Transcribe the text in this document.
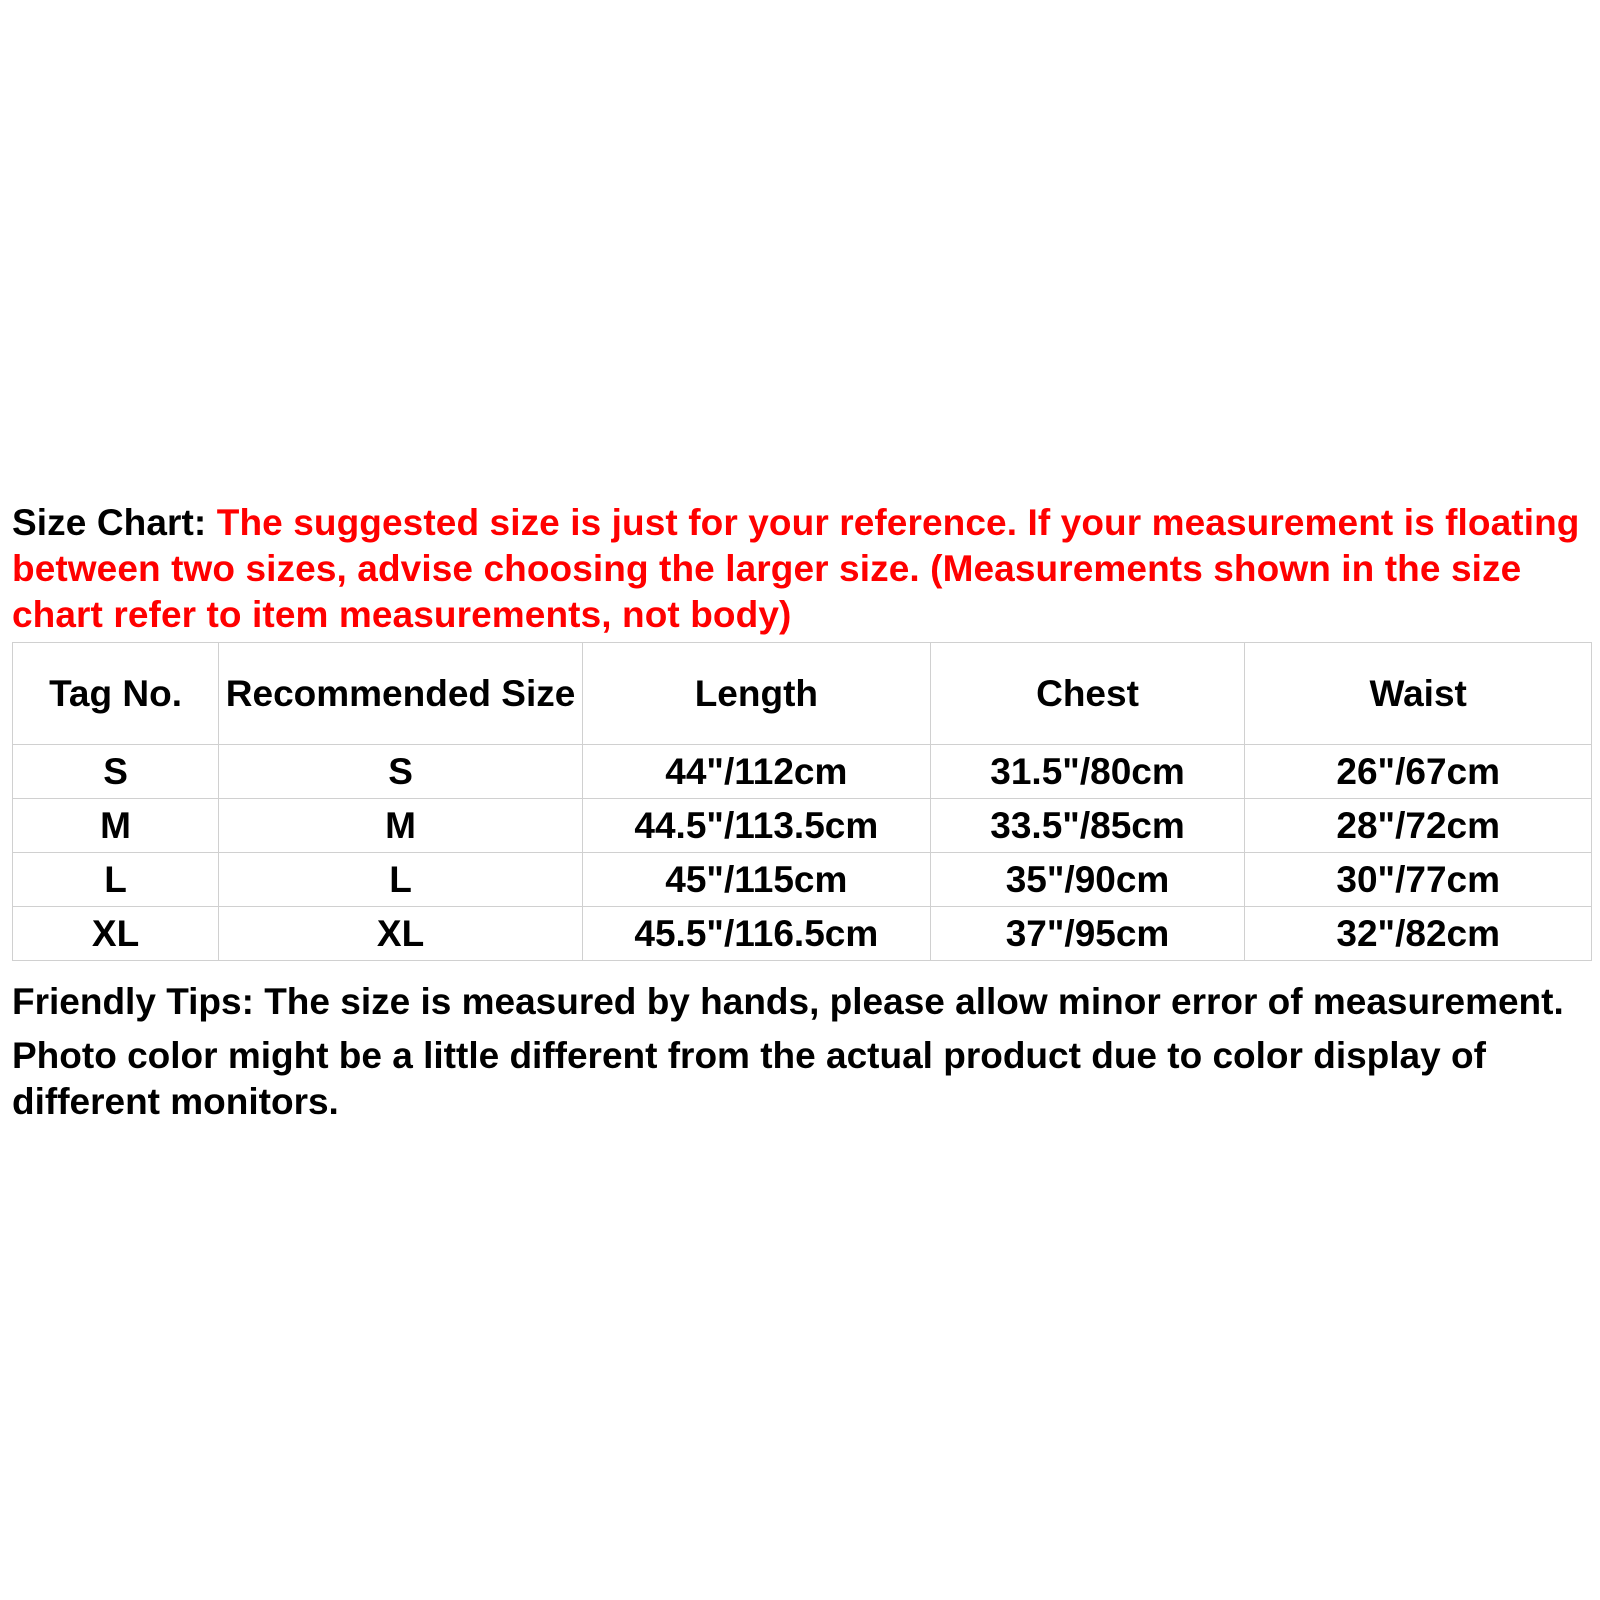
Size Chart: The suggested size is just for your reference. If your measurement is floating between two sizes, advise choosing the larger size. (Measurements shown in the size chart refer to item measurements, not body)
Tag No.	Recommended Size	Length	Chest	Waist
S	S	44"/112cm	31.5"/80cm	26"/67cm
M	M	44.5"/113.5cm	33.5"/85cm	28"/72cm
L	L	45"/115cm	35"/90cm	30"/77cm
XL	XL	45.5"/116.5cm	37"/95cm	32"/82cm

Friendly Tips: The size is measured by hands, please allow minor error of measurement.

Photo color might be a little different from the actual product due to color display of different monitors.
